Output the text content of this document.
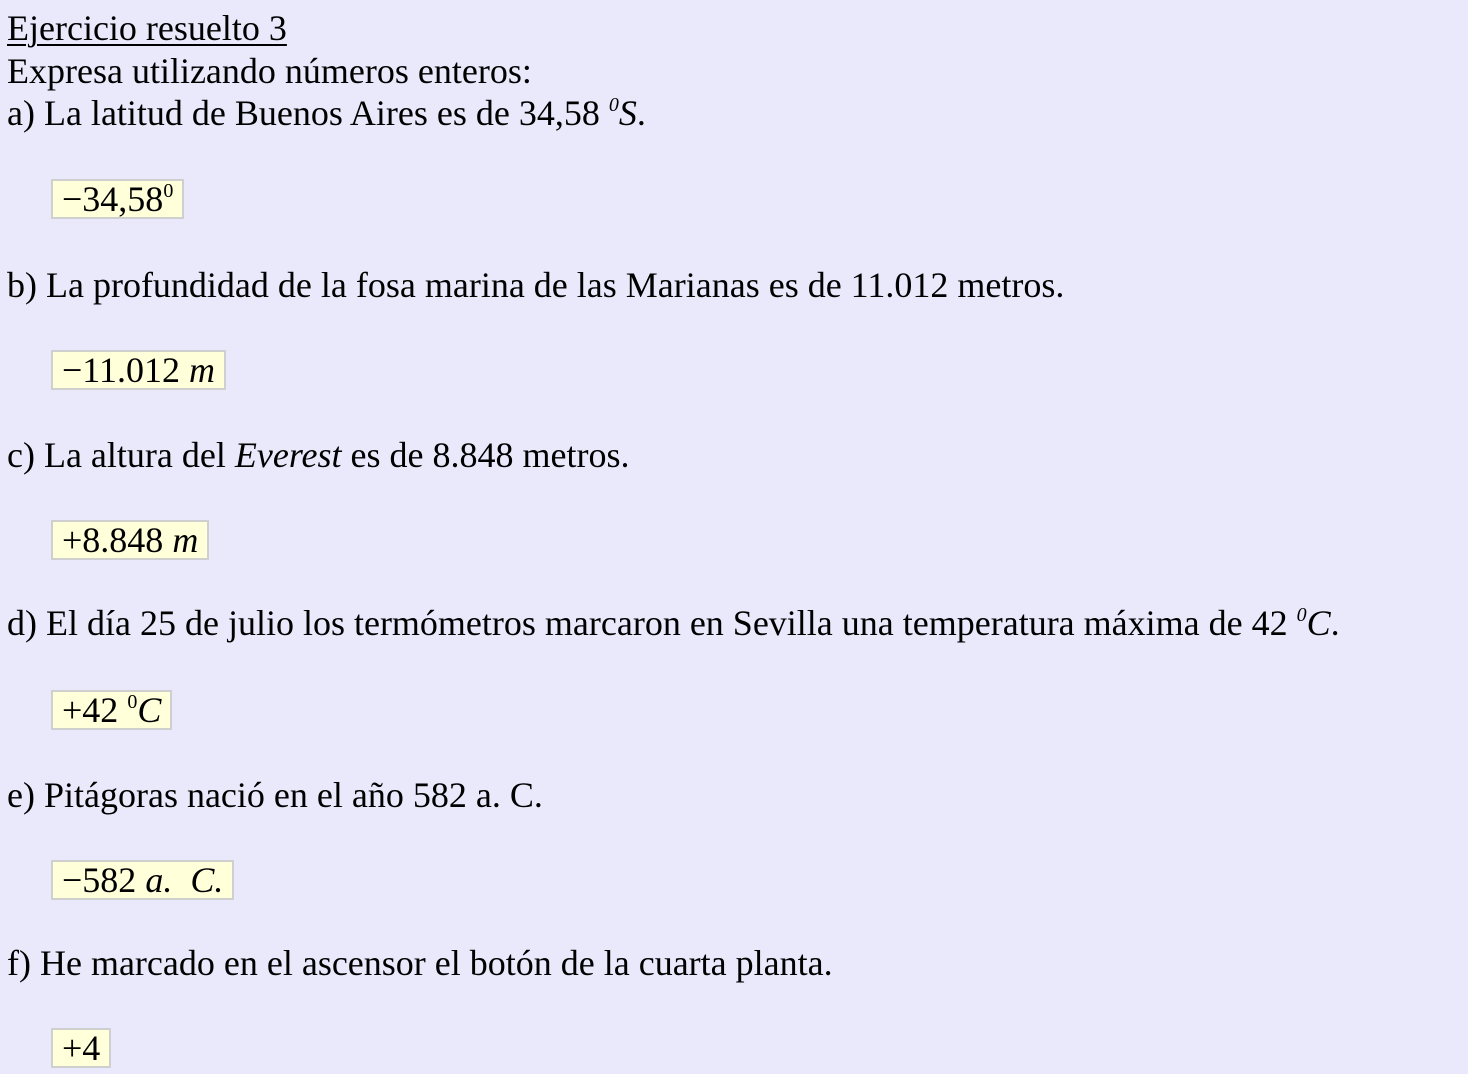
Ejercicio resuelto 3
Expresa utilizando números enteros:
a) La latitud de Buenos Aires es de 34,58 $^0$S.
$-34,58^0$
b) La profundidad de la fosa marina de las Marianas es de 11.012 metros.
−11.012 m
c) La altura del Everest es de 8.848 metros.
+8.848 m
d) El día 25 de julio los termómetros marcaron en Sevilla una temperatura máxima de 42 $^0$C.
+42 $^0$C
e) Pitágoras nació en el año 582 a. C.
−582 a.  C.
f) He marcado en el ascensor el botón de la cuarta planta.
+4
